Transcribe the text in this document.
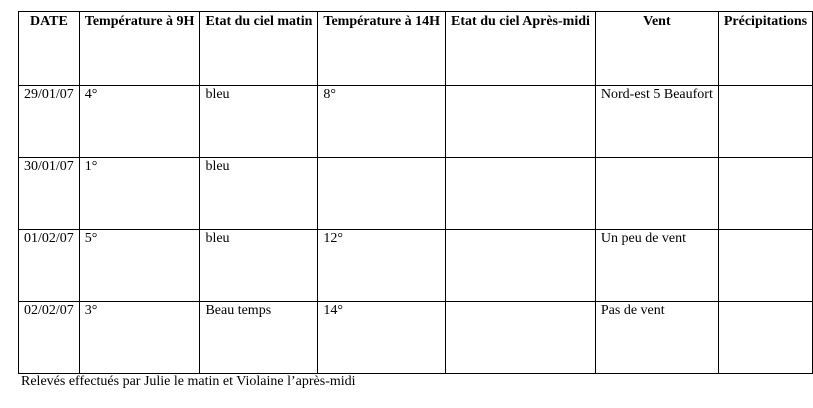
DATE	Température à 9H	Etat du ciel matin	Température à 14H	Etat du ciel Après-midi	Vent	Précipitations
29/01/07	4°	bleu	8°		Nord-est 5 Beaufort	
30/01/07	1°	bleu				
01/02/07	5°	bleu	12°		Un peu de vent	
02/02/07	3°	Beau temps	14°		Pas de vent	
Relevés effectués par Julie le matin et Violaine l’après-midi
